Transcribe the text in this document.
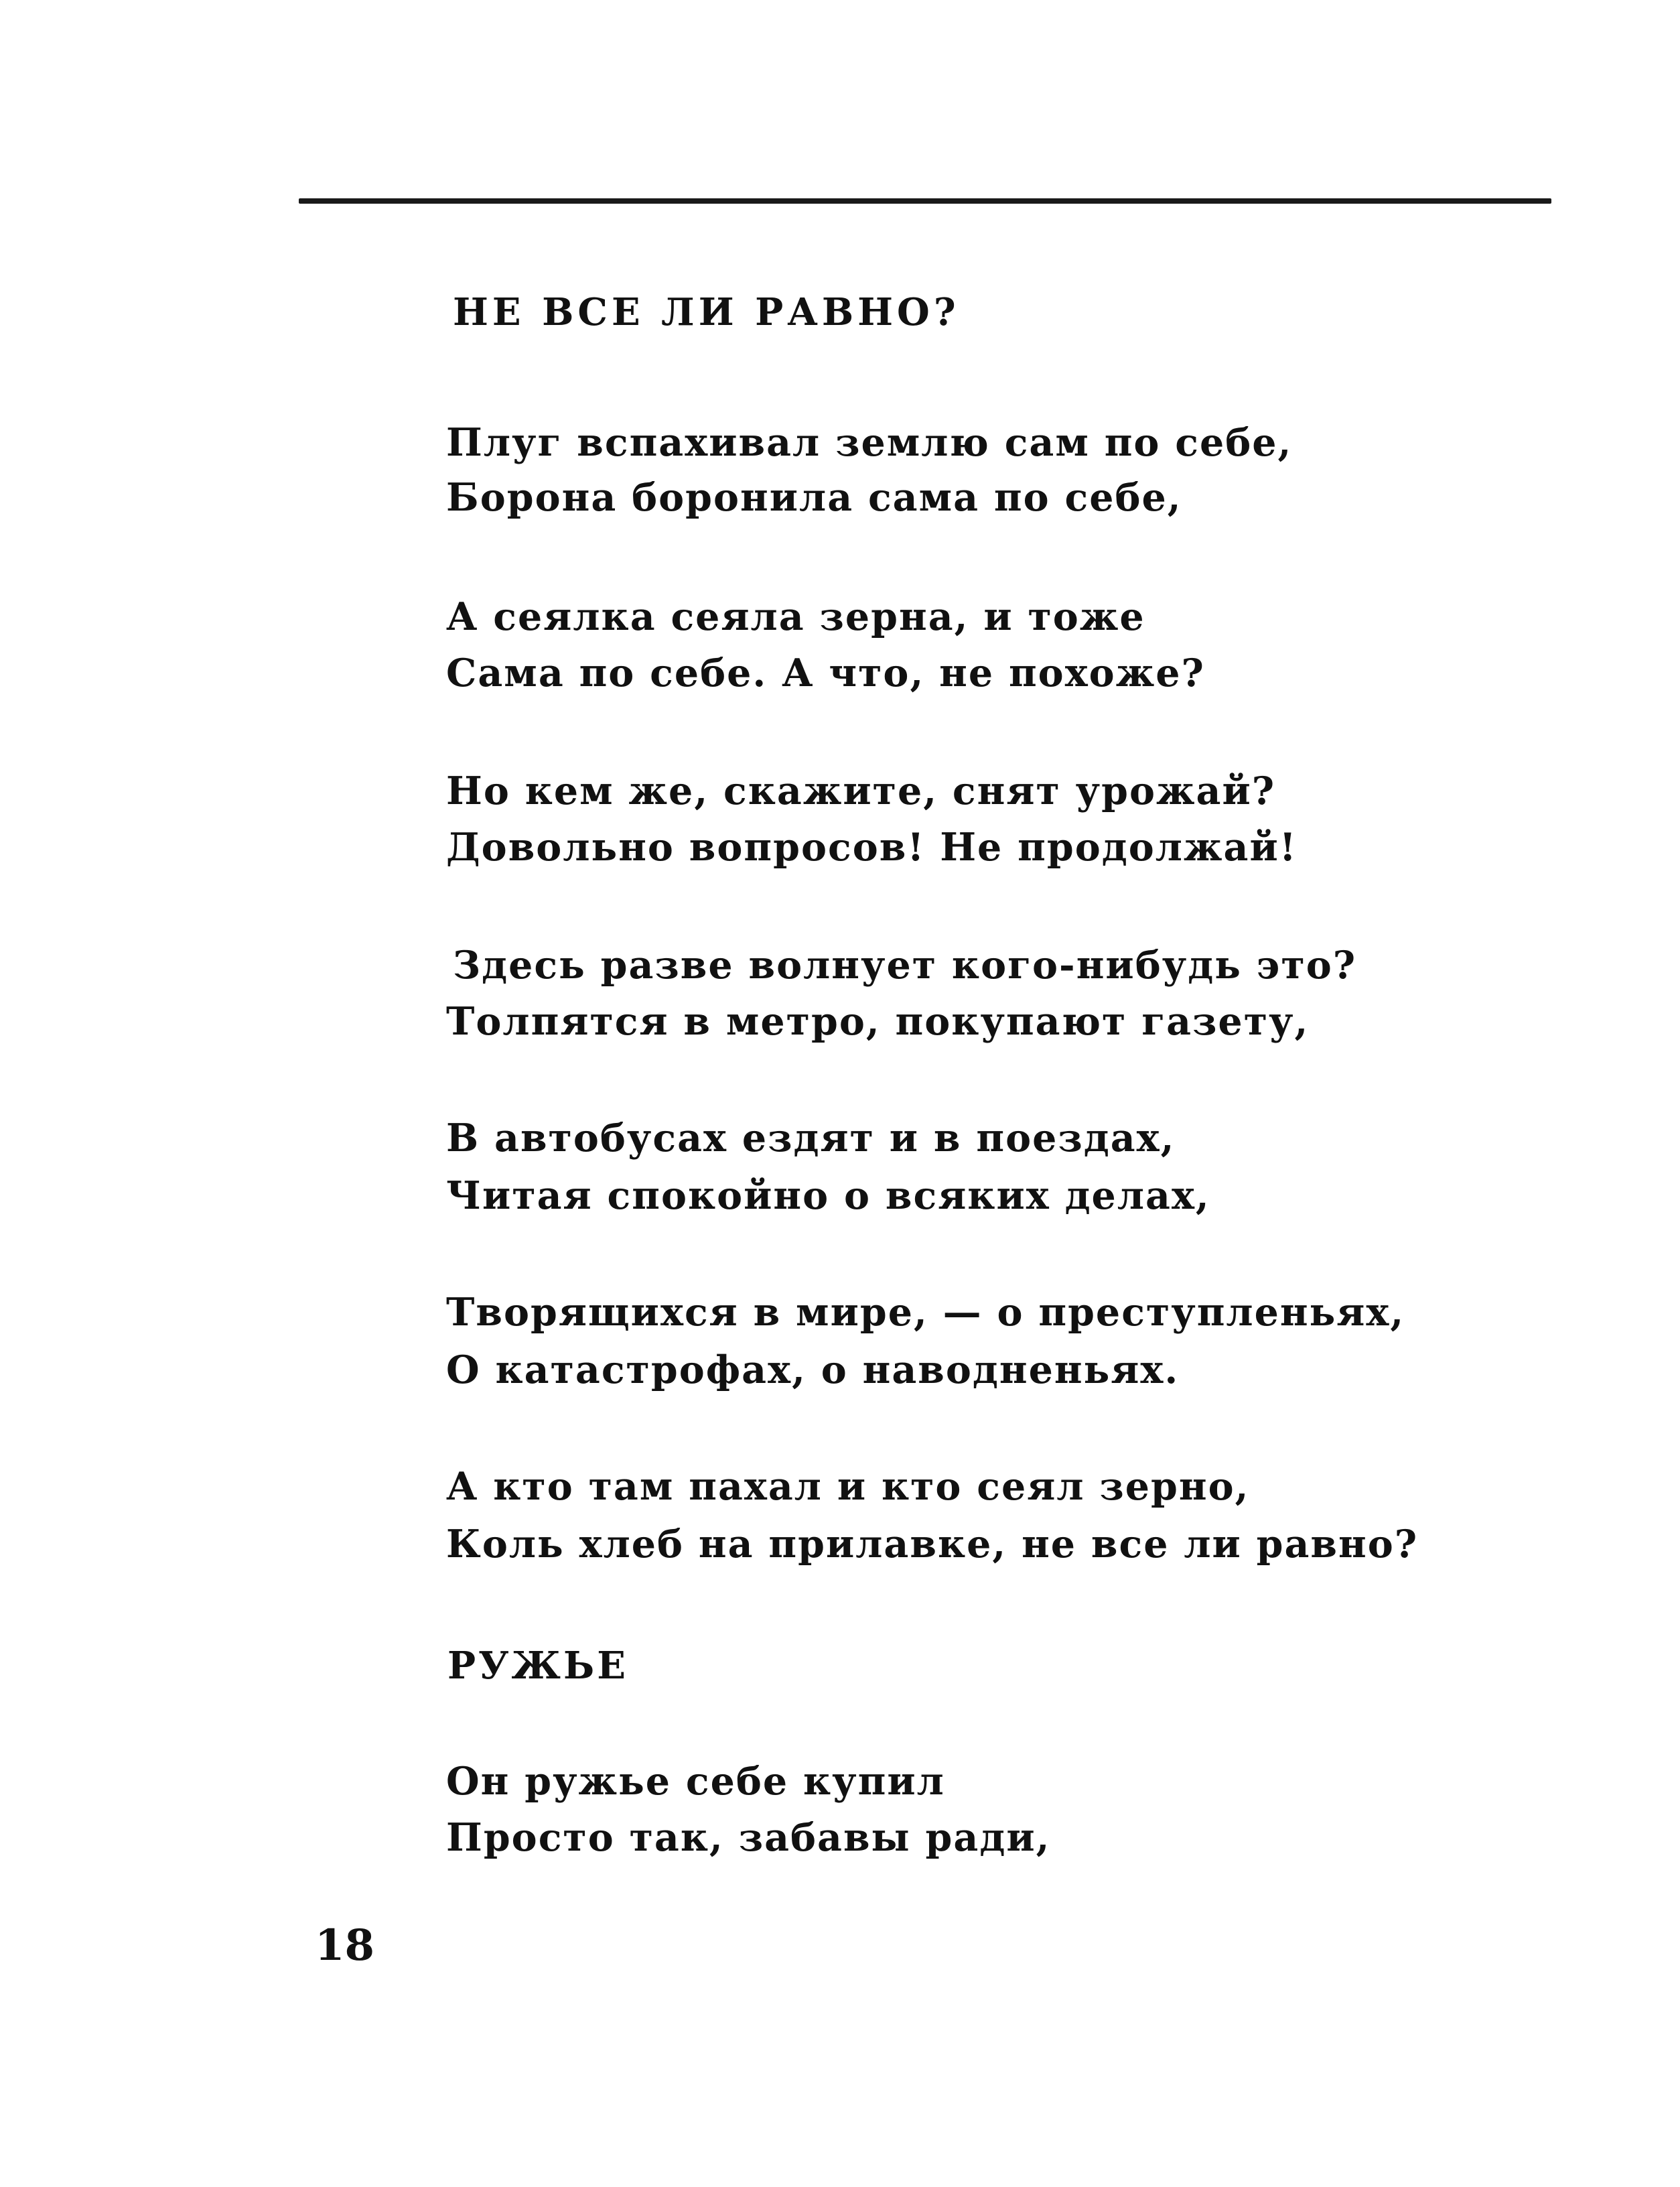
НЕ ВСЕ ЛИ РАВНО?
Плуг вспахивал землю сам по себе,
Борона боронила сама по себе,
А сеялка сеяла зерна, и тоже
Сама по себе. А что, не похоже?
Но кем же, скажите, снят урожай?
Довольно вопросов! Не продолжай!
Здесь разве волнует кого-нибудь это?
Толпятся в метро, покупают газету,
В автобусах ездят и в поездах,
Читая спокойно о всяких делах,
Творящихся в мире, — о преступленьях,
О катастрофах, о наводненьях.
А кто там пахал и кто сеял зерно,
Коль хлеб на прилавке, не все ли равно?
РУЖЬЕ
Он ружье себе купил
Просто так, забавы ради,
18
